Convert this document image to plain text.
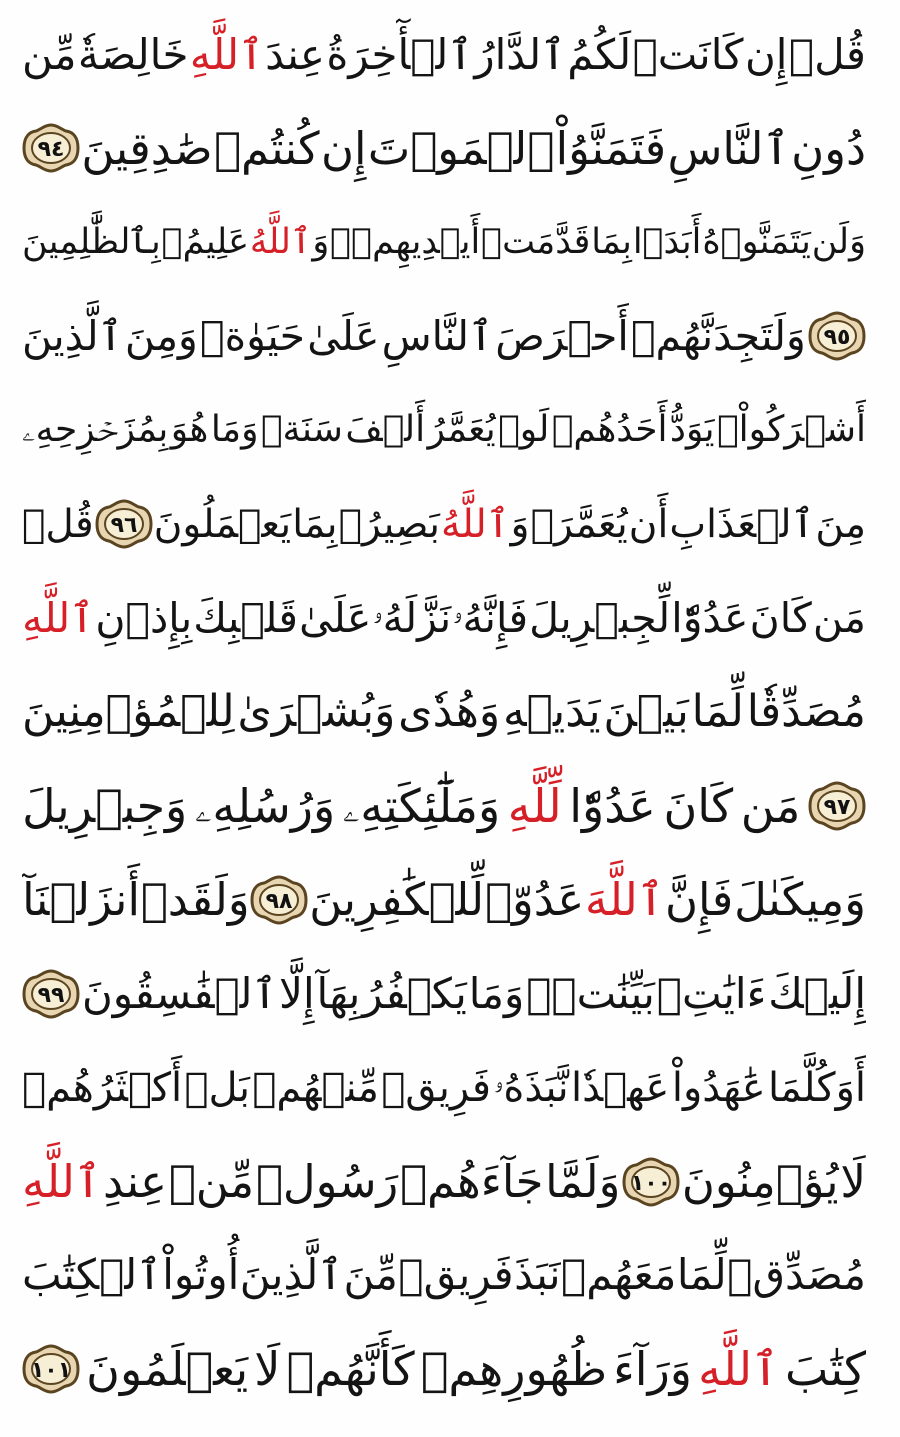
قُلۡ
إِن
كَانَتۡ
لَكُمُ
ٱلدَّارُ
ٱلۡأٓخِرَةُ
عِندَ
ٱللَّهِ
خَالِصَةٗ
مِّن
دُونِ
ٱلنَّاسِ
فَتَمَنَّوُاْ
ٱلۡمَوۡتَ
إِن
كُنتُمۡ
صَٰدِقِينَ
٩٤
وَلَن
يَتَمَنَّوۡهُ
أَبَدَۢا
بِمَا
قَدَّمَتۡ
أَيۡدِيهِمۡۚ
وَ
ٱللَّهُ
عَلِيمُۢ
بِٱلظَّٰلِمِينَ
٩٥
وَلَتَجِدَنَّهُمۡ
أَحۡرَصَ
ٱلنَّاسِ
عَلَىٰ
حَيَوٰةٖ
وَمِنَ
ٱلَّذِينَ
أَشۡرَكُواْۚ
يَوَدُّ
أَحَدُهُمۡ
لَوۡ
يُعَمَّرُ
أَلۡفَ
سَنَةٖ
وَمَا
هُوَ
بِمُزَحۡزِحِهِۦ
مِنَ
ٱلۡعَذَابِ
أَن
يُعَمَّرَۗ
وَ
ٱللَّهُ
بَصِيرُۢ
بِمَا
يَعۡمَلُونَ
٩٦
قُلۡ
مَن
كَانَ
عَدُوّٗا
لِّجِبۡرِيلَ
فَإِنَّهُۥ
نَزَّلَهُۥ
عَلَىٰ
قَلۡبِكَ
بِإِذۡنِ
ٱللَّهِ
مُصَدِّقٗا
لِّمَا
بَيۡنَ
يَدَيۡهِ
وَهُدٗى
وَبُشۡرَىٰ
لِلۡمُؤۡمِنِينَ
٩٧
مَن
كَانَ
عَدُوّٗا
لِّلَّهِ
وَمَلَٰٓئِكَتِهِۦ
وَرُسُلِهِۦ
وَجِبۡرِيلَ
وَمِيكَىٰلَ
فَإِنَّ
ٱللَّهَ
عَدُوّٞ
لِّلۡكَٰفِرِينَ
٩٨
وَلَقَدۡ
أَنزَلۡنَآ
إِلَيۡكَ
ءَايَٰتِۭ
بَيِّنَٰتٖۖ
وَمَا
يَكۡفُرُ
بِهَآ
إِلَّا
ٱلۡفَٰسِقُونَ
٩٩
أَوَكُلَّمَا
عَٰهَدُواْ
عَهۡدٗا
نَّبَذَهُۥ
فَرِيقٞ
مِّنۡهُمۚ
بَلۡ
أَكۡثَرُهُمۡ
لَا
يُؤۡمِنُونَ
١٠٠
وَلَمَّا
جَآءَهُمۡ
رَسُولٞ
مِّنۡ
عِندِ
ٱللَّهِ
مُصَدِّقٞ
لِّمَا
مَعَهُمۡ
نَبَذَ
فَرِيقٞ
مِّنَ
ٱلَّذِينَ
أُوتُواْ
ٱلۡكِتَٰبَ
كِتَٰبَ
ٱللَّهِ
وَرَآءَ
ظُهُورِهِمۡ
كَأَنَّهُمۡ
لَا
يَعۡلَمُونَ
١٠١
